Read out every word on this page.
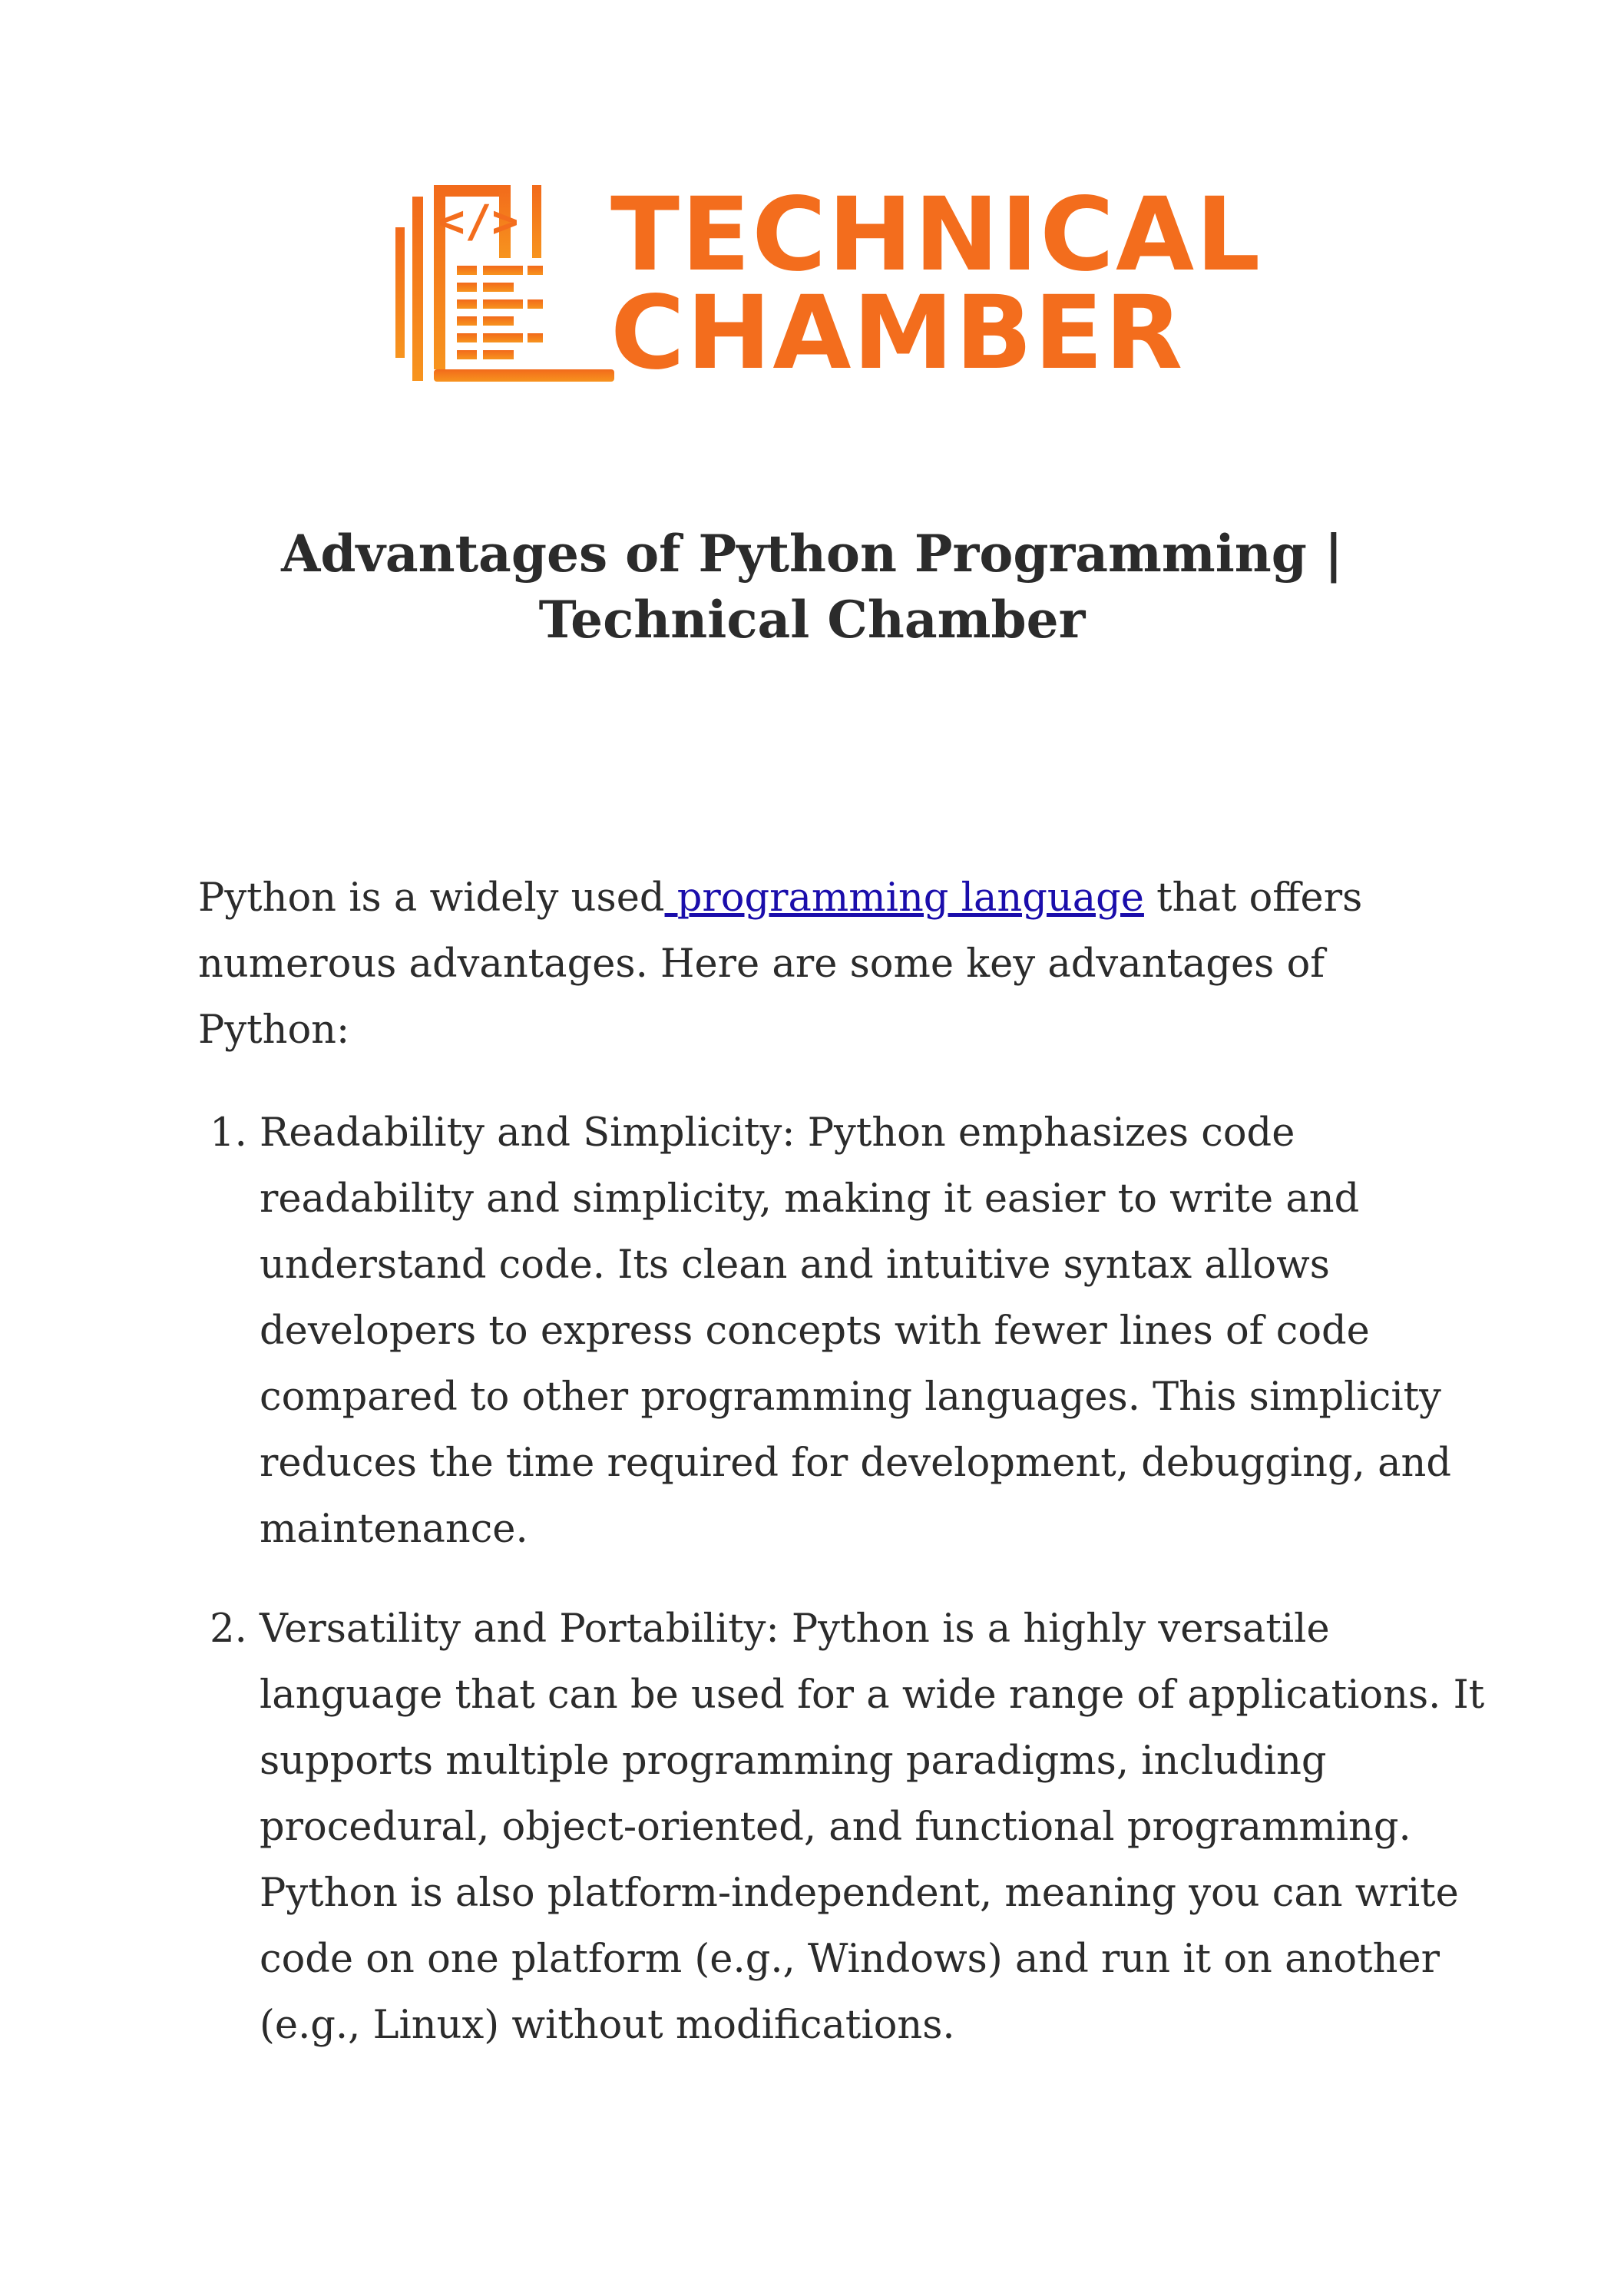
</> TECHNICAL
CHAMBER
Advantages of Python Programming |
Technical Chamber

Python is a widely used programming language that offers numerous advantages. Here are some key advantages of Python:

1. Readability and Simplicity: Python emphasizes code readability and simplicity, making it easier to write and understand code. Its clean and intuitive syntax allows developers to express concepts with fewer lines of code compared to other programming languages. This simplicity reduces the time required for development, debugging, and maintenance.
2. Versatility and Portability: Python is a highly versatile language that can be used for a wide range of applications. It supports multiple programming paradigms, including procedural, object-oriented, and functional programming. Python is also platform-independent, meaning you can write code on one platform (e.g., Windows) and run it on another (e.g., Linux) without modifications.
